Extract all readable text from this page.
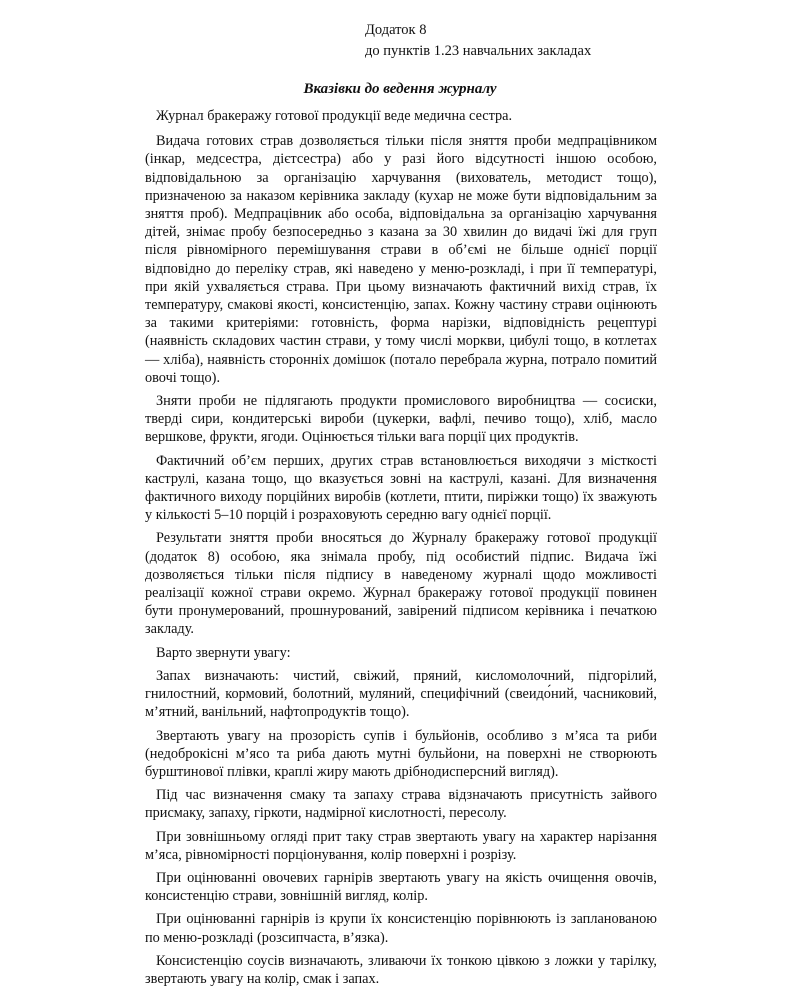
Додаток 8
до пунктів 1.23 навчальних закладах
Вказівки до ведення журналу

Журнал бракеражу готової продукції веде медична сестра.

Видача готових страв дозволяється тільки після зняття проби медпрацівником (інкар, медсестра, дієтсестра) або у разі його відсутності іншою особою, відповідальною за організацію харчування (вихователь, методист тощо), призначеною за наказом керівника закладу (кухар не може бути відповідальним за зняття проб). Медпрацівник або особа, відповідальна за організацію харчування дітей, знімає пробу безпосередньо з казана за 30 хвилин до видачі їжі для груп після рівномірного перемішування страви в об’ємі не більше однієї порції відповідно до переліку страв, які наведено у меню-розкладі, і при її температурі, при якій ухваляється страва. При цьому визначають фактичний вихід страв, їх температуру, смакові якості, консистенцію, запах. Кожну частину страви оцінюють за такими критеріями: готовність, форма нарізки, відповідність рецептурі (наявність складових частин страви, у тому числі моркви, цибулі тощо, в котлетах — хліба), наявність сторонніх домішок (потало перебрала журна, потрало помитий овочі тощо).

Зняти проби не підлягають продукти промислового виробництва — сосиски, тверді сири, кондитерські вироби (цукерки, вафлі, печиво тощо), хліб, масло вершкове, фрукти, ягоди. Оцінюється тільки вага порції цих продуктів.

Фактичний об’єм перших, других страв встановлюється виходячи з місткості каструлі, казана тощо, що вказується зовні на каструлі, казані. Для визначення фактичного виходу порційних виробів (котлети, птити, пиріжки тощо) їх зважують у кількості 5–10 порцій і розраховують середню вагу однієї порції.

Результати зняття проби вносяться до Журналу бракеражу готової продукції (додаток 8) особою, яка знімала пробу, під особистий підпис. Видача їжі дозволяється тільки після підпису в наведеному журналі щодо можливості реалізації кожної страви окремо. Журнал бракеражу готової продукції повинен бути пронумерований, прошнурований, завірений підписом керівника і печаткою закладу.

Варто звернути увагу:

Запах визначають: чистий, свіжий, пряний, кисломолочний, підгорілий, гнилостний, кормовий, болотний, муляний, специфічний (свеидо́ний, часниковий, м’ятний, ванільний, нафтопродуктів тощо).

Звертають увагу на прозорість супів і бульйонів, особливо з м’яса та риби (недоброкісні м’ясо та риба дають мутні бульйони, на поверхні не створюють бурштинової плівки, краплі жиру мають дрібнодисперсний вигляд).

Під час визначення смаку та запаху страва відзначають присутність зайвого присмаку, запаху, гіркоти, надмірної кислотності, пересолу.

При зовнішньому огляді прит таку страв звертають увагу на характер нарізання м’яса, рівномірності порціонування, колір поверхні і розрізу.

При оцінюванні овочевих гарнірів звертають увагу на якість очищення овочів, консистенцію страви, зовнішній вигляд, колір.

При оцінюванні гарнірів із крупи їх консистенцію порівнюють із запланованою по меню-розкладі (розсипчаста, в’язка).

Консистенцію соусів визначають, зливаючи їх тонкою цівкою з ложки у тарілку, звертають увагу на колір, смак і запах.
